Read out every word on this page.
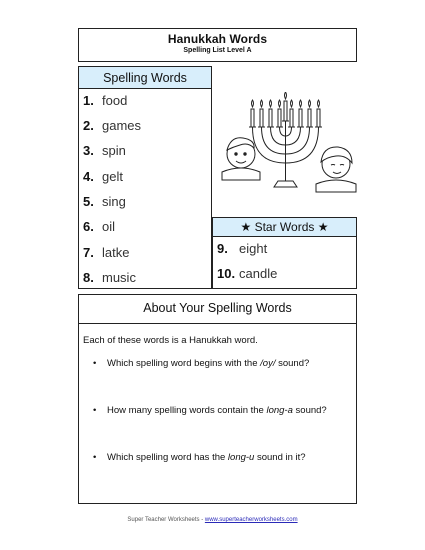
Hanukkah Words
Spelling List Level A
Spelling Words
1. food
2. games
3. spin
4. gelt
5. sing
6. oil
7. latke
8. music
★ Star Words ★
9. eight
10. candle
About Your Spelling Words
Each of these words is a Hanukkah word.
• Which spelling word begins with the /oy/ sound?
• How many spelling words contain the long-a sound?
• Which spelling word has the long-u sound in it?
Super Teacher Worksheets - www.superteacherworksheets.com
